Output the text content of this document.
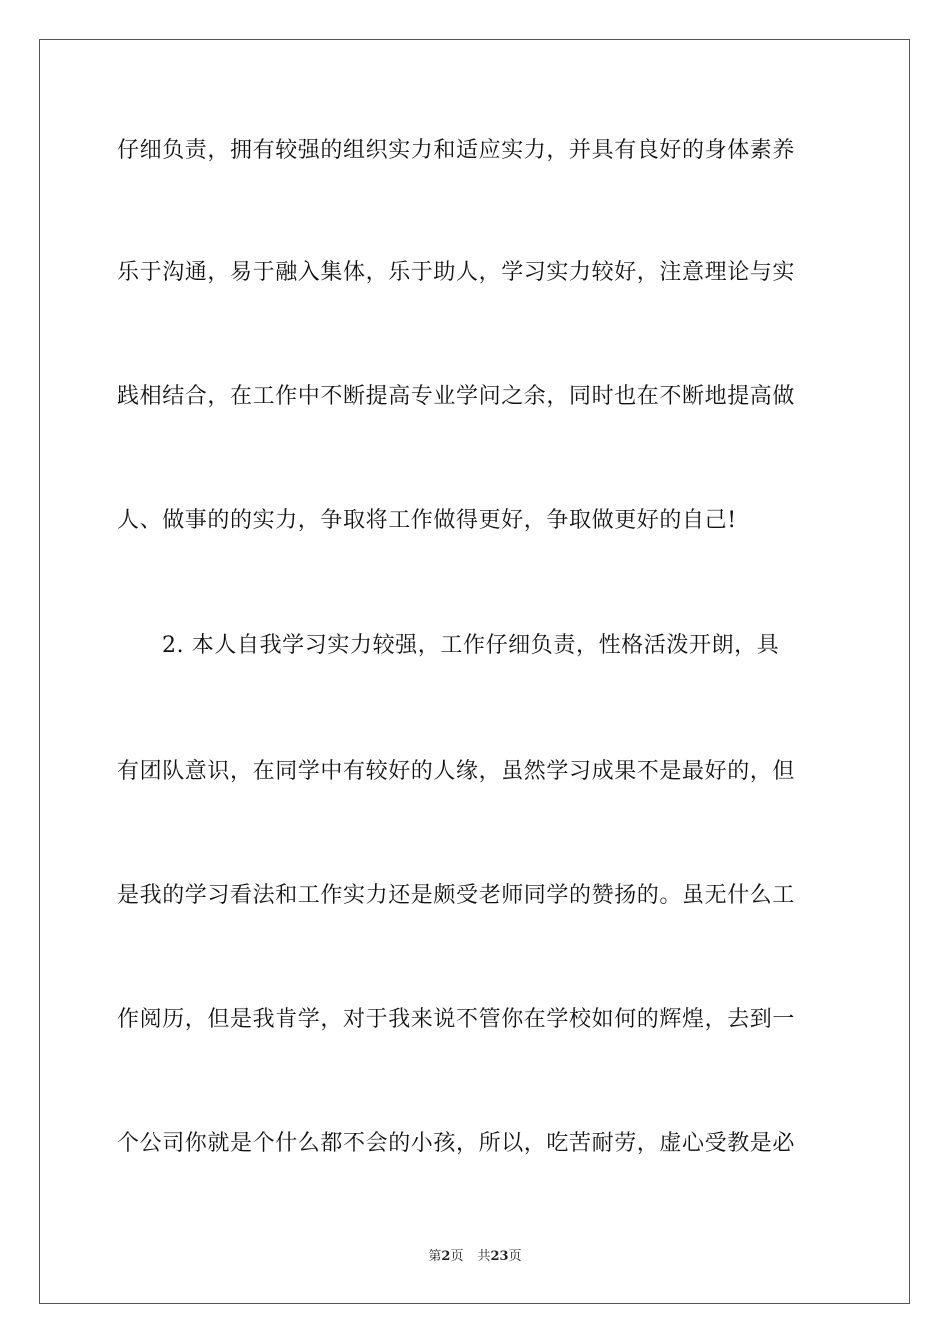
仔细负责，拥有较强的组织实力和适应实力，并具有良好的身体素养
乐于沟通，易于融入集体，乐于助人，学习实力较好，注意理论与实
践相结合，在工作中不断提高专业学问之余，同时也在不断地提高做
人、做事的的实力，争取将工作做得更好，争取做更好的自己!
2. 本人自我学习实力较强，工作仔细负责，性格活泼开朗，具
有团队意识，在同学中有较好的人缘，虽然学习成果不是最好的，但
是我的学习看法和工作实力还是颇受老师同学的赞扬的。虽无什么工
作阅历，但是我肯学，对于我来说不管你在学校如何的辉煌，去到一
个公司你就是个什么都不会的小孩，所以，吃苦耐劳，虚心受教是必
第2页 共23页
